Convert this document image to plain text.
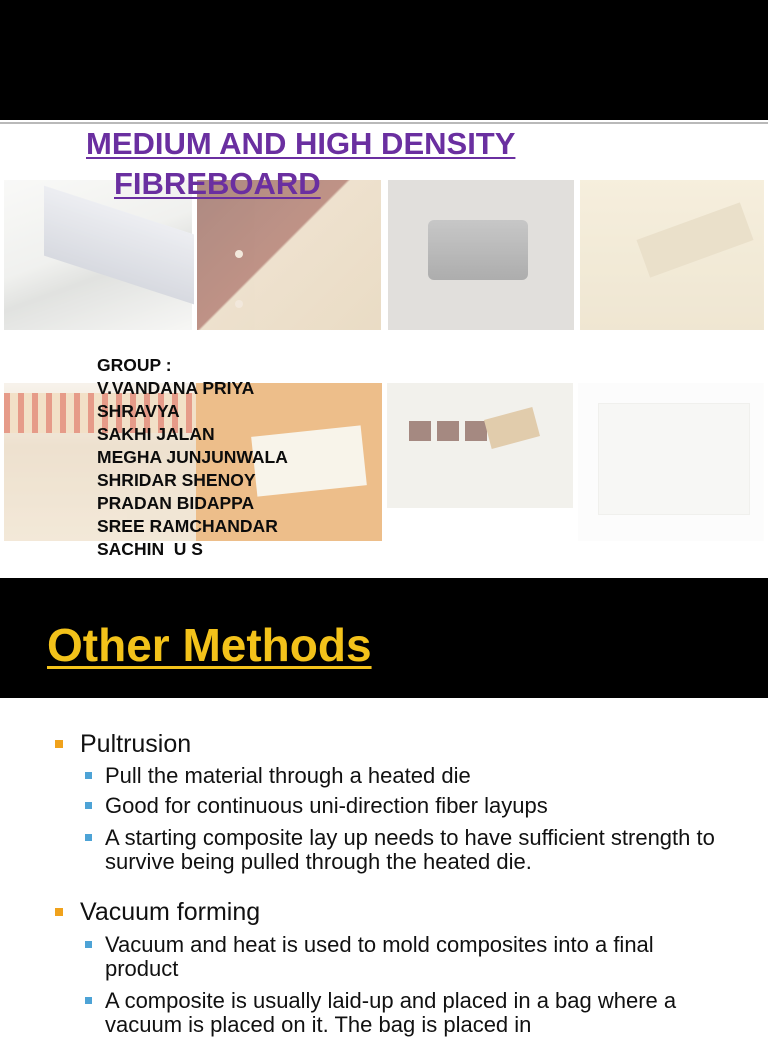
MEDIUM AND HIGH DENSITY
FIBREBOARD
GROUP :
V.VANDANA PRIYA
SHRAVYA
SAKHI JALAN
MEGHA JUNJUNWALA
SHRIDAR SHENOY
PRADAN BIDAPPA
SREE RAMCHANDAR
SACHIN  U S
Other Methods
Pultrusion
Pull the material through a heated die
Good for continuous uni-direction fiber layups
A starting composite lay up needs to have sufficient strength to survive being pulled through the heated die.
Vacuum forming
Vacuum and heat is used to mold composites into a final product
A composite is usually laid-up and placed in a bag where a vacuum is placed on it. The bag is placed in
